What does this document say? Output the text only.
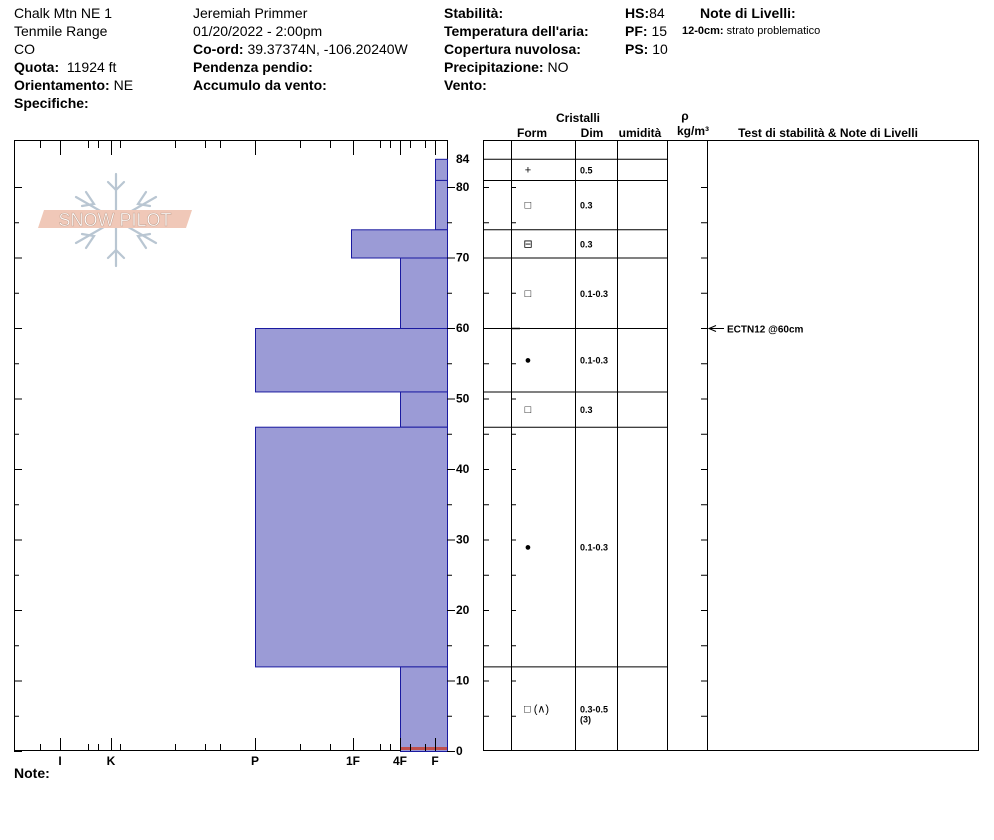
Chalk Mtn NE 1
Tenmile Range
CO
Quota: 11924 ft
Orientamento: NE
Specifiche:
Jeremiah Primmer
01/20/2022 - 2:00pm
Co-ord: 39.37374N, -106.20240W
Pendenza pendio:
Accumulo da vento:
Stabilità:
Temperatura dell'aria:
Copertura nuvolosa:
Precipitazione: NO
Vento:
HS:84
PF: 15
PS: 10
Note di Livelli:
12-0cm: strato problematico
SNOW PILOT
I	K	P	1F	4F F
0
10
20
30
40
50
60
70
80
84
+	0.5
□	0.3
⊟	0.3
□	0.1-0.3
●	0.1-0.3
□	0.3
●	0.1-0.3
□ (∧)	0.3-0.5
(3)
ECTN12 @60cm
Cristalli
Form	Dim umidità
ρ
kg/m³ Test di stabilità & Note di Livelli
Note:
